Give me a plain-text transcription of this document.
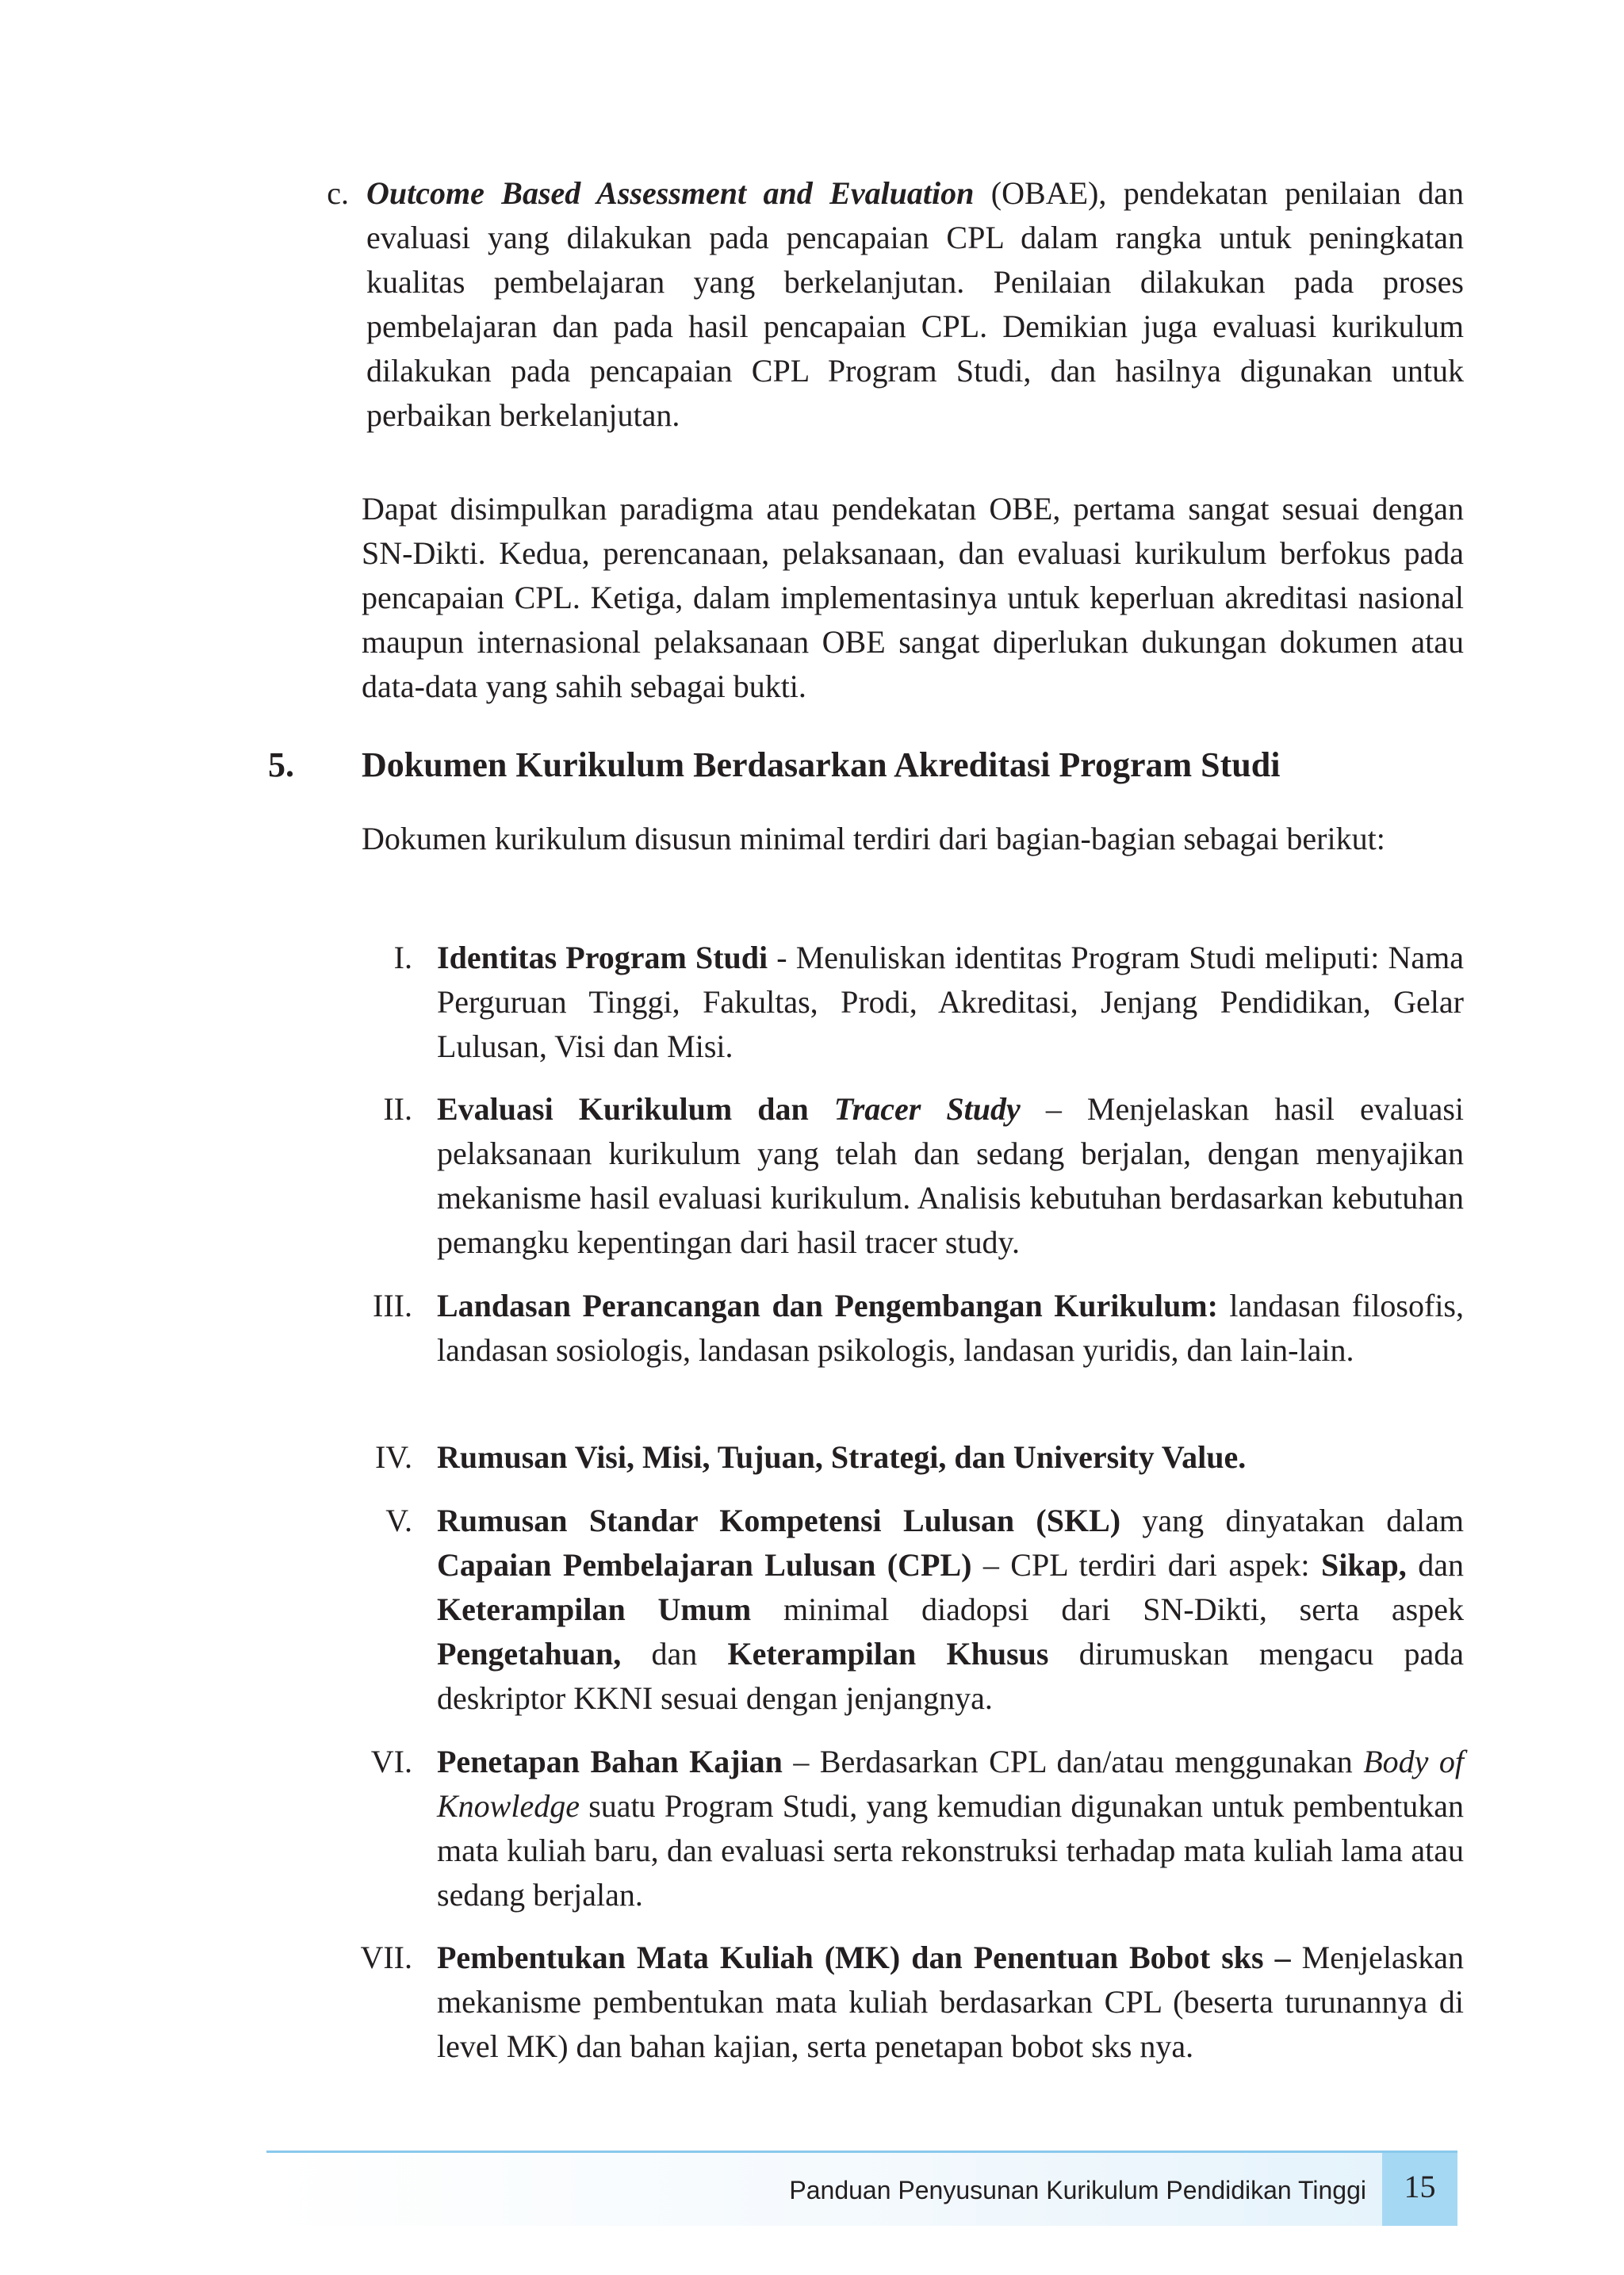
c. Outcome Based Assessment and Evaluation (OBAE), pendekatan penilaian dan evaluasi yang dilakukan pada pencapaian CPL dalam rangka untuk peningkatan kualitas pembelajaran yang berkelanjutan. Penilaian dilakukan pada proses pembelajaran dan pada hasil pencapaian CPL. Demikian juga evaluasi kurikulum dilakukan pada pencapaian CPL Program Studi, dan hasilnya digunakan untuk perbaikan berkelanjutan.

Dapat disimpulkan paradigma atau pendekatan OBE, pertama sangat sesuai dengan SN-Dikti. Kedua, perencanaan, pelaksanaan, dan evaluasi kurikulum berfokus pada pencapaian CPL. Ketiga, dalam implementasinya untuk keperluan akreditasi nasional maupun internasional pelaksanaan OBE sangat diperlukan dukungan dokumen atau data-data yang sahih sebagai bukti.

5. Dokumen Kurikulum Berdasarkan Akreditasi Program Studi

Dokumen kurikulum disusun minimal terdiri dari bagian-bagian sebagai berikut:

I. Identitas Program Studi - Menuliskan identitas Program Studi meliputi: Nama Perguruan Tinggi, Fakultas, Prodi, Akreditasi, Jenjang Pendidikan, Gelar Lulusan, Visi dan Misi.

II. Evaluasi Kurikulum dan Tracer Study – Menjelaskan hasil evaluasi pelaksanaan kurikulum yang telah dan sedang berjalan, dengan menyajikan mekanisme hasil evaluasi kurikulum. Analisis kebutuhan berdasarkan kebutuhan pemangku kepentingan dari hasil tracer study.

III. Landasan Perancangan dan Pengembangan Kurikulum: landasan filosofis, landasan sosiologis, landasan psikologis, landasan yuridis, dan lain-lain.

IV. Rumusan Visi, Misi, Tujuan, Strategi, dan University Value.

V. Rumusan Standar Kompetensi Lulusan (SKL) yang dinyatakan dalam Capaian Pembelajaran Lulusan (CPL) – CPL terdiri dari aspek: Sikap, dan Keterampilan Umum minimal diadopsi dari SN-Dikti, serta aspek Pengetahuan, dan Keterampilan Khusus dirumuskan mengacu pada deskriptor KKNI sesuai dengan jenjangnya.

VI. Penetapan Bahan Kajian – Berdasarkan CPL dan/atau menggunakan Body of Knowledge suatu Program Studi, yang kemudian digunakan untuk pembentukan mata kuliah baru, dan evaluasi serta rekonstruksi terhadap mata kuliah lama atau sedang berjalan.

VII. Pembentukan Mata Kuliah (MK) dan Penentuan Bobot sks – Menjelaskan mekanisme pembentukan mata kuliah berdasarkan CPL (beserta turunannya di level MK) dan bahan kajian, serta penetapan bobot sks nya.

Panduan Penyusunan Kurikulum Pendidikan Tinggi	15
